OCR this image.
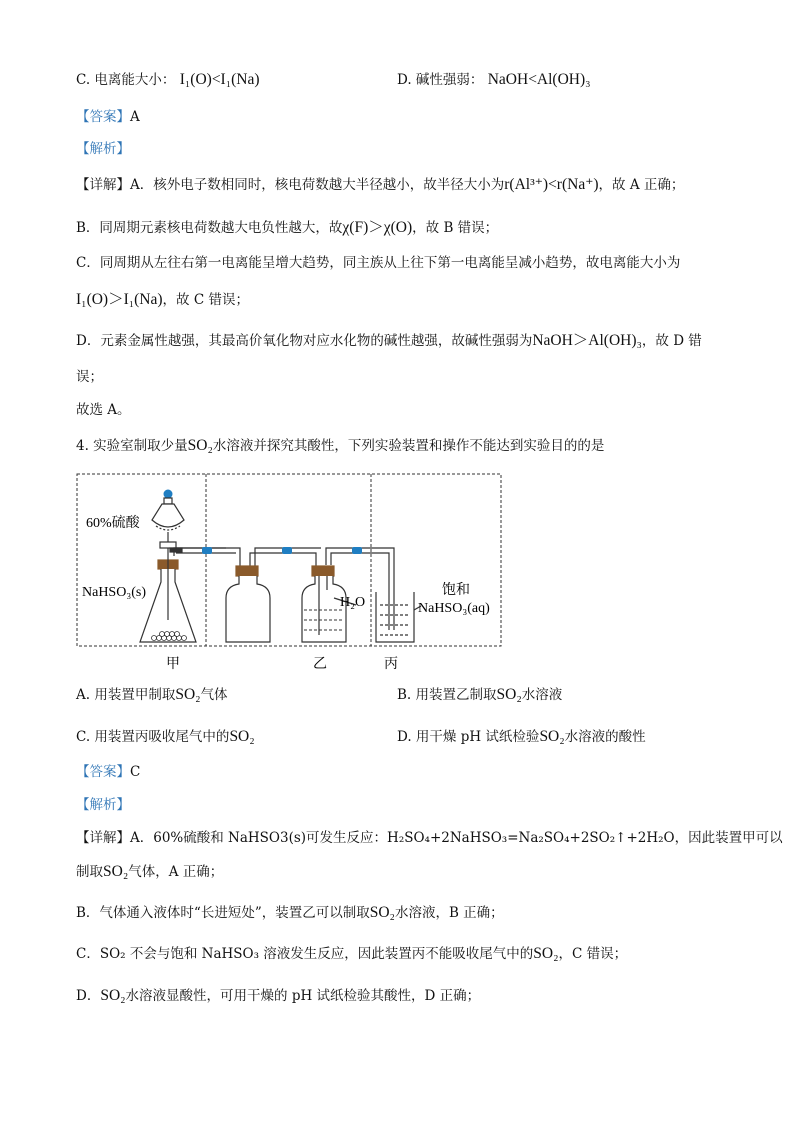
C. 电离能大小： I₁(O)<I₁(Na)	D. 碱性强弱： NaOH<Al(OH)₃
【答案】A
【解析】
【详解】A．核外电子数相同时，核电荷数越大半径越小，故半径大小为r(Al³⁺)<r(Na⁺)，故 A 正确；
B．同周期元素核电荷数越大电负性越大，故χ(F)＞χ(O)，故 B 错误；
C．同周期从左往右第一电离能呈增大趋势，同主族从上往下第一电离能呈减小趋势，故电离能大小为
I₁(O)＞I₁(Na)，故 C 错误；
D．元素金属性越强，其最高价氧化物对应水化物的碱性越强，故碱性强弱为NaOH＞Al(OH)₃，故 D 错
误；
故选 A。
4. 实验室制取少量SO₂水溶液并探究其酸性，下列实验装置和操作不能达到实验目的的是
60%硫酸
NaHSO₃(s)
H₂O
饱和
NaHSO₃(aq)
甲	乙	丙
A. 用装置甲制取SO₂气体	B. 用装置乙制取SO₂水溶液
C. 用装置丙吸收尾气中的SO₂	D. 用干燥 pH 试纸检验SO₂水溶液的酸性
【答案】C
【解析】
【详解】A．60%硫酸和 NaHSO3(s)可发生反应：H₂SO₄+2NaHSO₃=Na₂SO₄+2SO₂↑+2H₂O，因此装置甲可以
制取SO₂气体，A 正确；
B．气体通入液体时“长进短处”，装置乙可以制取SO₂水溶液，B 正确；
C．SO₂ 不会与饱和 NaHSO₃ 溶液发生反应，因此装置丙不能吸收尾气中的SO₂，C 错误；
D．SO₂水溶液显酸性，可用干燥的 pH 试纸检验其酸性，D 正确；
